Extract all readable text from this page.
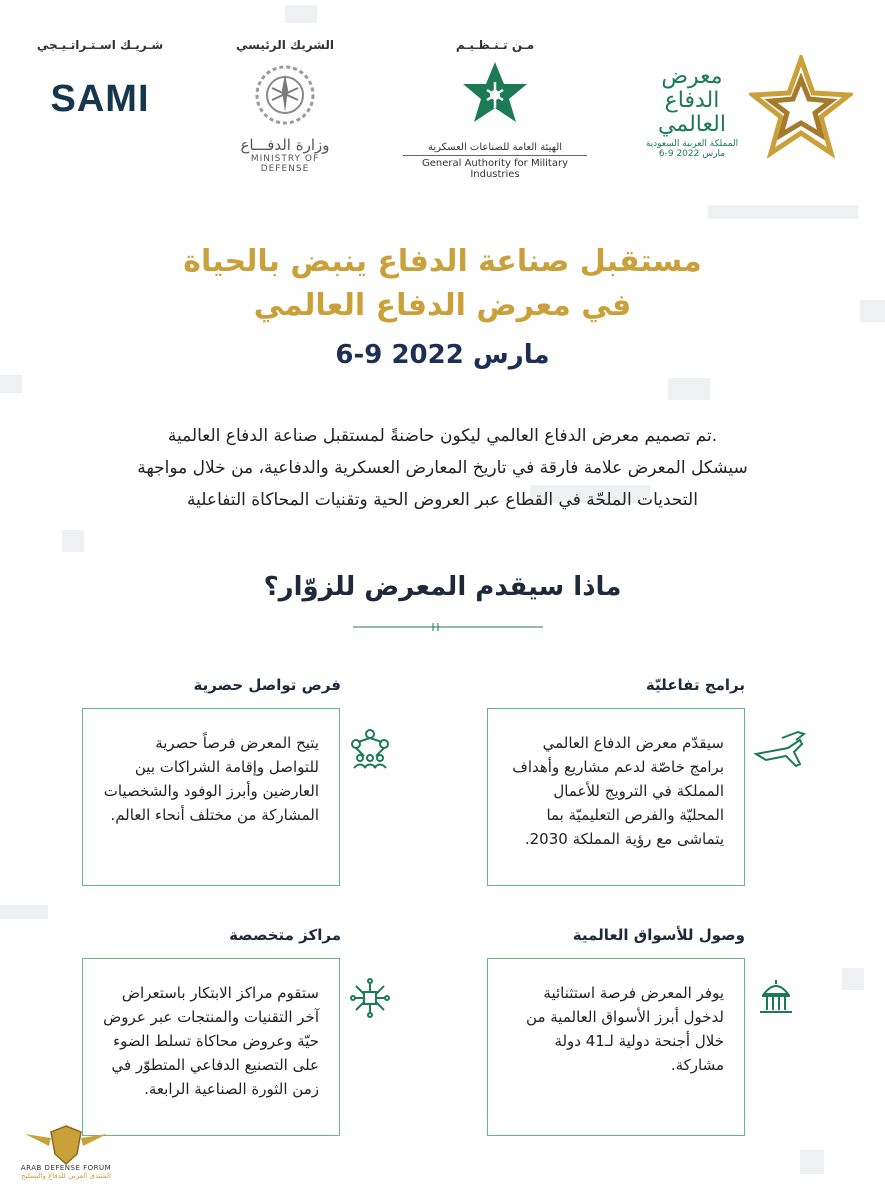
شـريـك اسـتـراتـيـجي
SAMI
الشريك الرئيسي
وزارة الدفـــاع
MINISTRY OF DEFENSE
مـن تـنـظـيـم
الهيئة العامة للصناعات العسكرية
General Authority for Military Industries
معرض
الدفاع
العالمي
المملكة العربية السعودية
6-9 مارس 2022
مستقبل صناعة الدفاع ينبض بالحياة
في معرض الدفاع العالمي
6-9 مارس 2022
تم تصميم معرض الدفاع العالمي ليكون حاضنةً لمستقبل صناعة الدفاع العالمية.
سيشكل المعرض علامة فارقة في تاريخ المعارض العسكرية والدفاعية، من خلال مواجهة
التحديات الملحّة في القطاع عبر العروض الحية وتقنيات المحاكاة التفاعلية
ماذا سيقدم المعرض للزوّار؟
برامج تفاعليّة
سيقدّم معرض الدفاع العالمي برامج خاصّة لدعم مشاريع وأهداف المملكة في الترويج للأعمال المحليّة والفرص التعليميّة بما يتماشى مع رؤية المملكة 2030.
فرص تواصل حصرية
يتيح المعرض فرصاً حصرية للتواصل وإقامة الشراكات بين العارضين وأبرز الوفود والشخصيات المشاركة من مختلف أنحاء العالم.
وصول للأسواق العالمية
يوفر المعرض فرصة استثنائية لدخول أبرز الأسواق العالمية من خلال أجنحة دولية لـ41 دولة مشاركة.
مراكز متخصصة
ستقوم مراكز الابتكار باستعراض آخر التقنيات والمنتجات عبر عروض حيّة وعروض محاكاة تسلط الضوء على التصنيع الدفاعي المتطوّر في زمن الثورة الصناعية الرابعة.
ARAB DEFENSE FORUM
المنتدى العربي للدفاع والتسليح
